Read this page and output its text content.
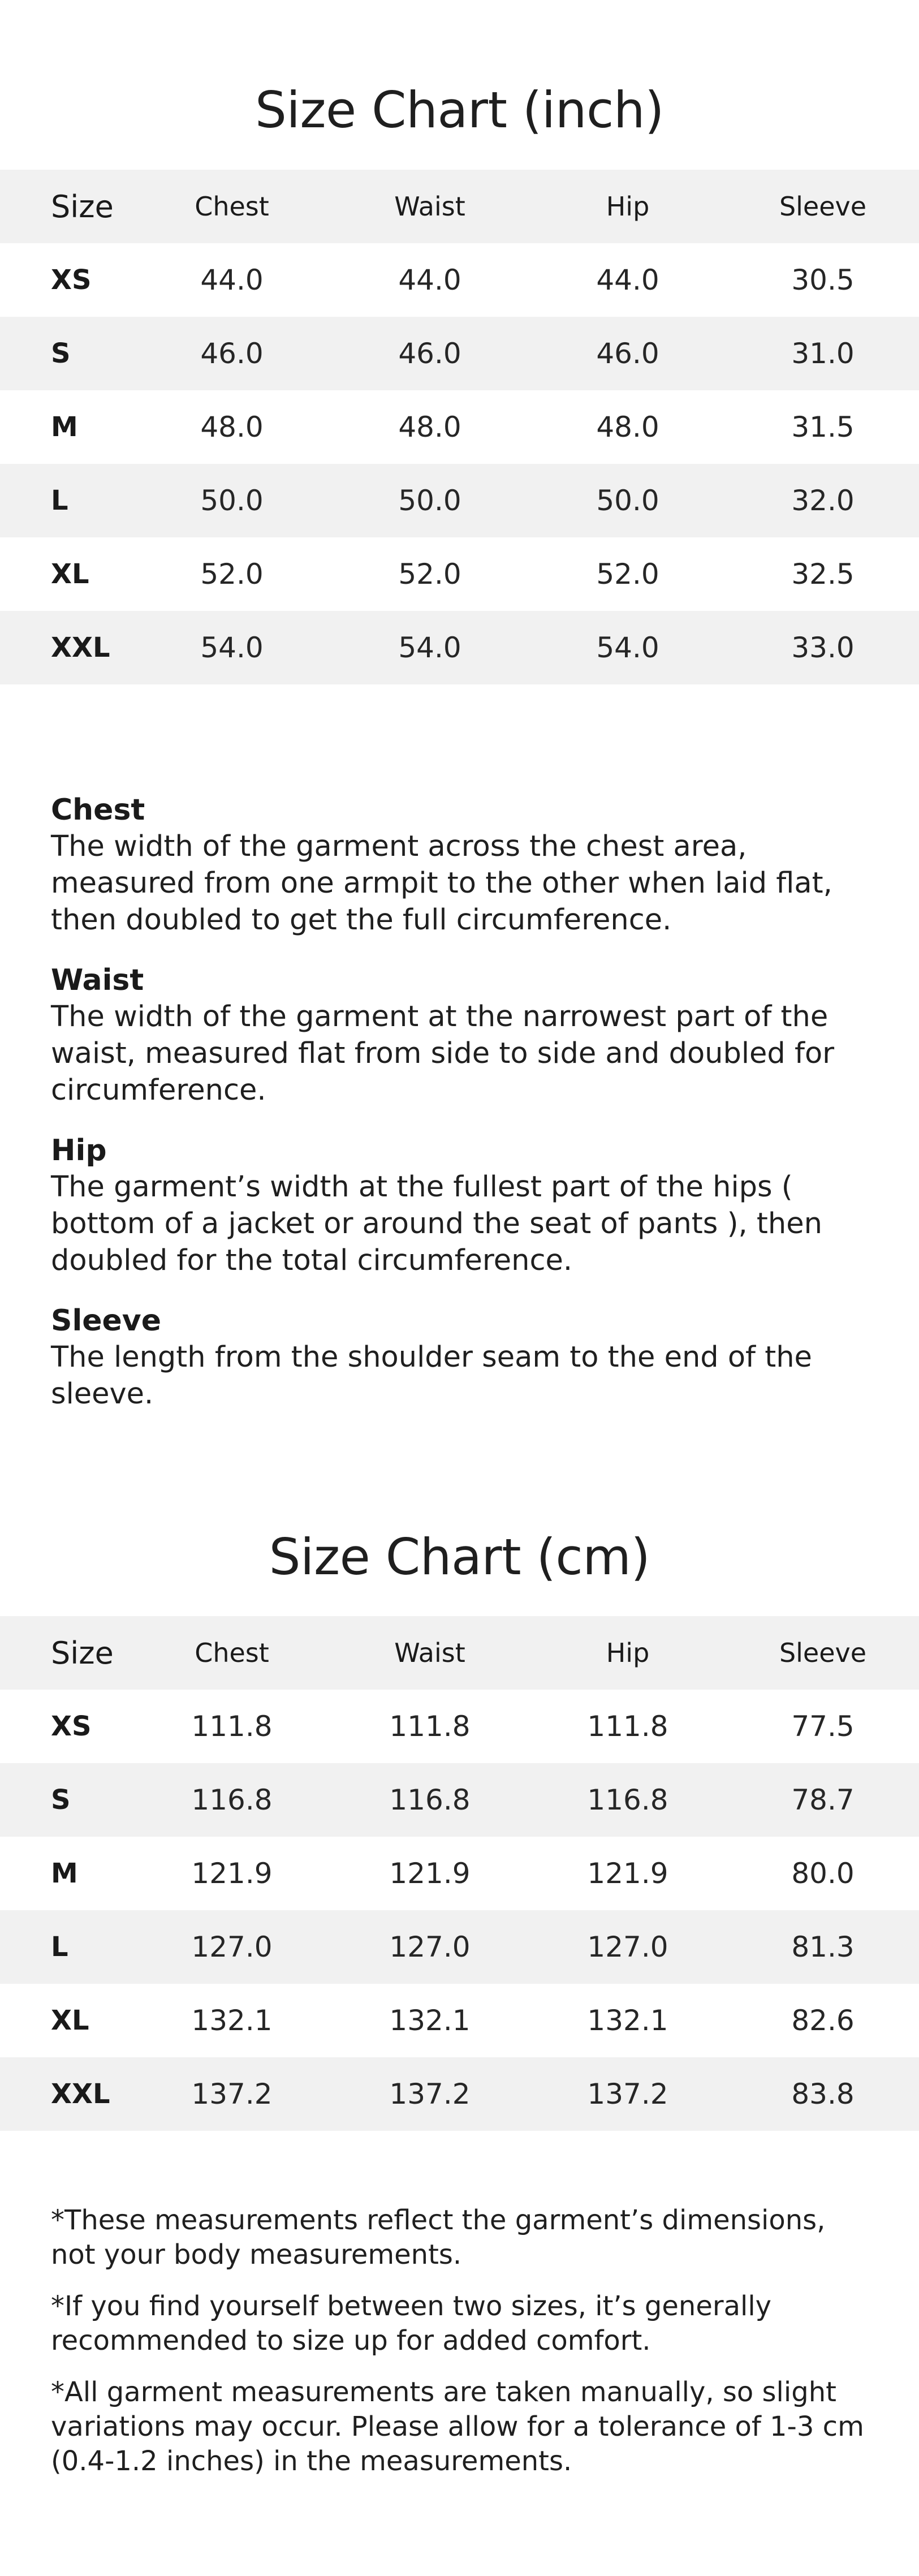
Size Chart (inch)
Size	Chest	Waist	Hip	Sleeve
XS	44.0	44.0	44.0	30.5
S	46.0	46.0	46.0	31.0
M	48.0	48.0	48.0	31.5
L	50.0	50.0	50.0	32.0
XL	52.0	52.0	52.0	32.5
XXL	54.0	54.0	54.0	33.0
Chest
The width of the garment across the chest area, measured from one armpit to the other when laid flat, then doubled to get the full circumference.
Waist
The width of the garment at the narrowest part of the waist, measured flat from side to side and doubled for circumference.
Hip
The garment’s width at the fullest part of the hips ( bottom of a jacket or around the seat of pants ), then doubled for the total circumference.
Sleeve
The length from the shoulder seam to the end of the sleeve.
Size Chart (cm)
Size	Chest	Waist	Hip	Sleeve
XS	111.8	111.8	111.8	77.5
S	116.8	116.8	116.8	78.7
M	121.9	121.9	121.9	80.0
L	127.0	127.0	127.0	81.3
XL	132.1	132.1	132.1	82.6
XXL	137.2	137.2	137.2	83.8

*These measurements reflect the garment’s dimensions, not your body measurements.

*If you find yourself between two sizes, it’s generally recommended to size up for added comfort.

*All garment measurements are taken manually, so slight variations may occur. Please allow for a tolerance of 1-3 cm (0.4-1.2 inches) in the measurements.
